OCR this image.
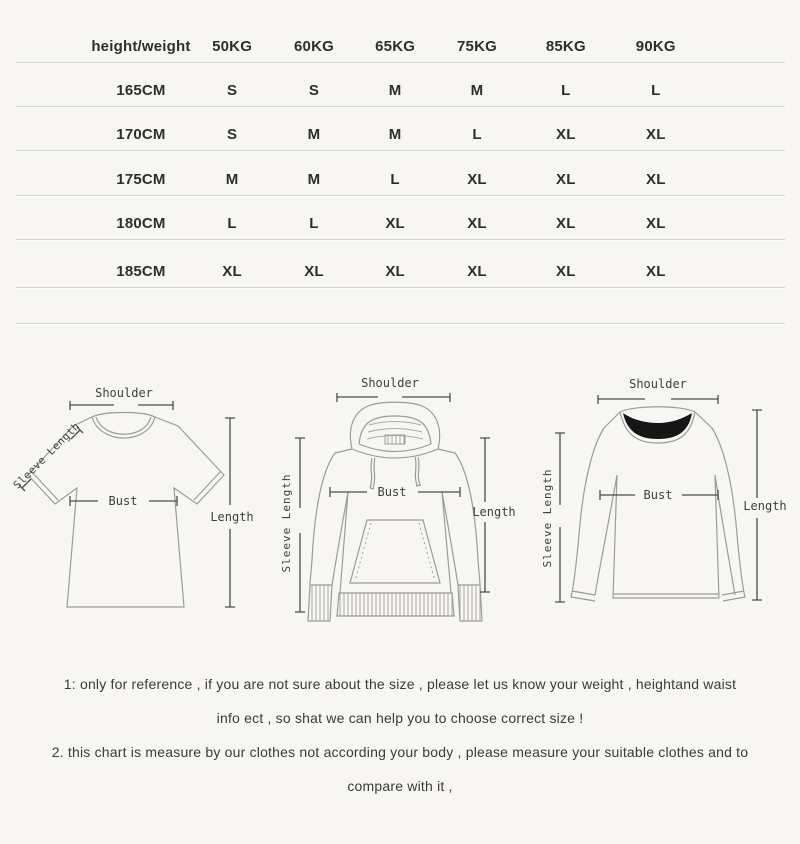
height/weight 50KG	60KG	65KG	75KG	85KG	90KG
165CM	S	S	M	M	L	L
170CM	S	M	M	L	XL	XL
175CM	M	M	L	XL	XL	XL
180CM	L	L	XL	XL	XL	XL
185CM	XL	XL	XL	XL	XL	XL
Shoulder
Sleeve Length
Bust
Length
Shoulder
Sleeve Length	Bust
Length
Shoulder
Sleeve Length	Bust
Length
1: only for reference , if you are not sure about the size , please let us know your weight , heightand waist
info ect , so shat we can help you to choose correct size !
2. this chart is measure by our clothes not according your body , please measure your suitable clothes and to
compare with it ,
